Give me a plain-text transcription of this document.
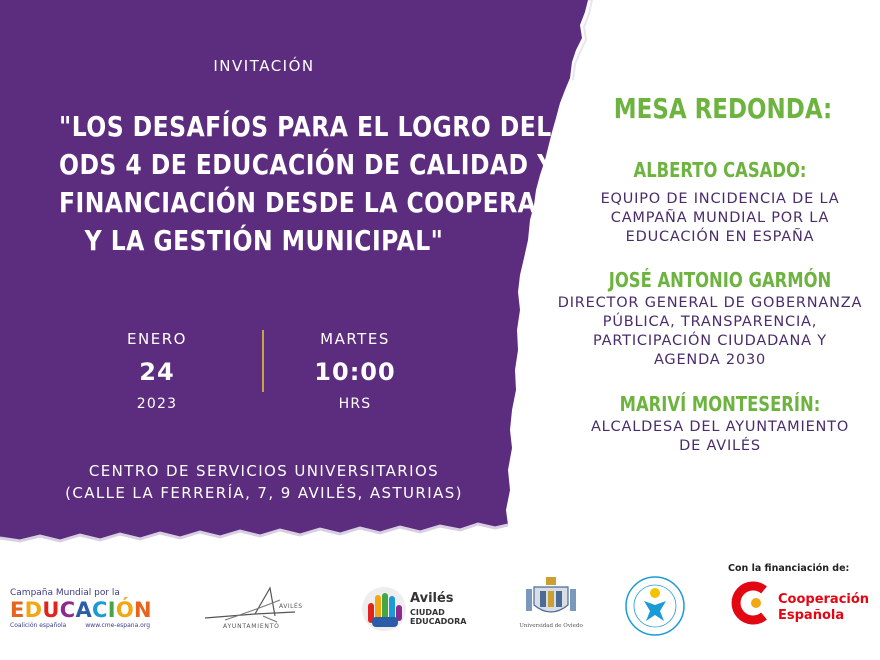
INVITACIÓN
"LOS DESAFÍOS PARA EL LOGRO DEL
ODS 4 DE EDUCACIÓN DE CALIDAD Y SU
FINANCIACIÓN DESDE LA COOPERACIÓN
Y LA GESTIÓN MUNICIPAL"
ENERO
24
2023
MARTES
10:00
HRS
CENTRO DE SERVICIOS UNIVERSITARIOS
(CALLE LA FERRERÍA, 7, 9 AVILÉS, ASTURIAS)
MESA REDONDA:
ALBERTO CASADO:
EQUIPO DE INCIDENCIA DE LA
CAMPAÑA MUNDIAL POR LA
EDUCACIÓN EN ESPAÑA
JOSÉ ANTONIO GARMÓN
DIRECTOR GENERAL DE GOBERNANZA
PÚBLICA, TRANSPARENCIA,
PARTICIPACIÓN CIUDADANA Y
AGENDA 2030
MARIVÍ MONTESERÍN:
ALCALDESA DEL AYUNTAMIENTO
DE AVILÉS
Campaña Mundial por la
EDUCACIÓN
Coalición española	www.cme-espana.org
AVILÉS
AYUNTAMIENTO
Avilés
CIUDAD
EDUCADORA	Universidad de Oviedo
Con la financiación de:
Cooperación
Española
